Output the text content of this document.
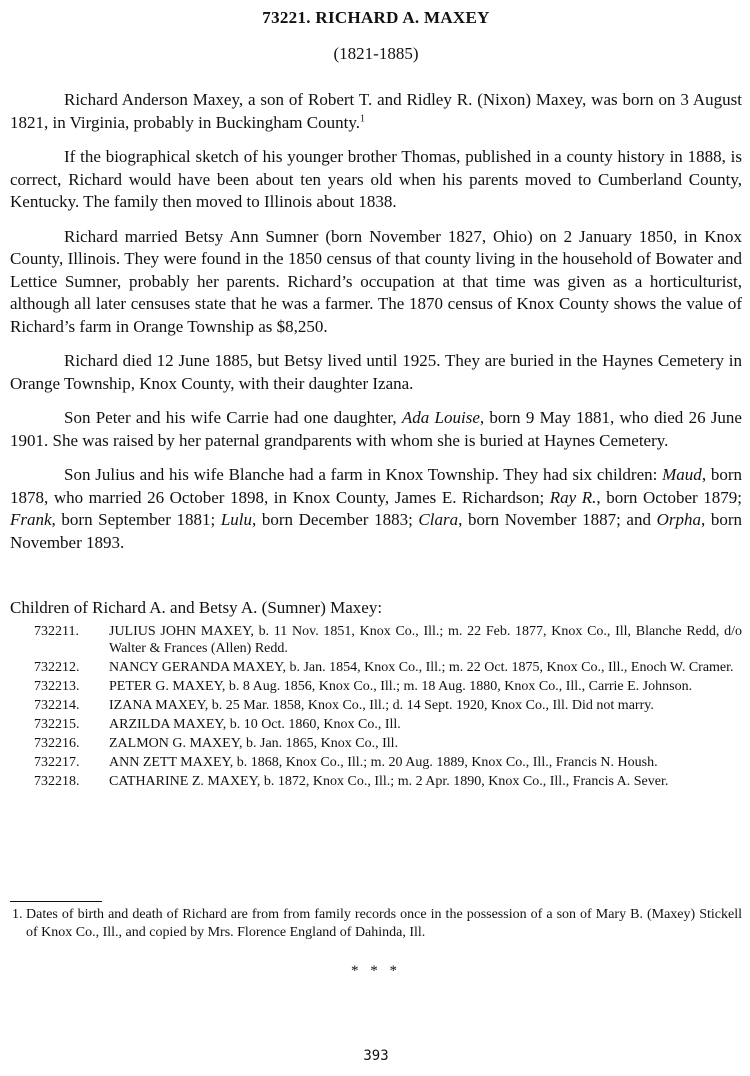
73221. RICHARD A. MAXEY
(1821-1885)

Richard Anderson Maxey, a son of Robert T. and Ridley R. (Nixon) Maxey, was born on 3 August 1821, in Virginia, probably in Buckingham County.$^1$

If the biographical sketch of his younger brother Thomas, published in a county history in 1888, is correct, Richard would have been about ten years old when his parents moved to Cumberland County, Kentucky. The family then moved to Illinois about 1838.

Richard married Betsy Ann Sumner (born November 1827, Ohio) on 2 January 1850, in Knox County, Illinois. They were found in the 1850 census of that county living in the household of Bowater and Lettice Sumner, probably her parents. Richard’s occupation at that time was given as a horticulturist, although all later censuses state that he was a farmer. The 1870 census of Knox County shows the value of Richard’s farm in Orange Township as $8,250.

Richard died 12 June 1885, but Betsy lived until 1925. They are buried in the Haynes Cemetery in Orange Township, Knox County, with their daughter Izana.

Son Peter and his wife Carrie had one daughter, Ada Louise, born 9 May 1881, who died 26 June 1901. She was raised by her paternal grandparents with whom she is buried at Haynes Cemetery.

Son Julius and his wife Blanche had a farm in Knox Township. They had six children: Maud, born 1878, who married 26 October 1898, in Knox County, James E. Richardson; Ray R., born October 1879; Frank, born September 1881; Lulu, born December 1883; Clara, born November 1887; and Orpha, born November 1893.

Children of Richard A. and Betsy A. (Sumner) Maxey:
732211. JULIUS JOHN MAXEY, b. 11 Nov. 1851, Knox Co., Ill.; m. 22 Feb. 1877, Knox Co., Ill, Blanche Redd, d/o Walter & Frances (Allen) Redd.
732212. NANCY GERANDA MAXEY, b. Jan. 1854, Knox Co., Ill.; m. 22 Oct. 1875, Knox Co., Ill., Enoch W. Cramer.
732213. PETER G. MAXEY, b. 8 Aug. 1856, Knox Co., Ill.; m. 18 Aug. 1880, Knox Co., Ill., Carrie E. Johnson.
732214. IZANA MAXEY, b. 25 Mar. 1858, Knox Co., Ill.; d. 14 Sept. 1920, Knox Co., Ill. Did not marry.
732215. ARZILDA MAXEY, b. 10 Oct. 1860, Knox Co., Ill.
732216. ZALMON G. MAXEY, b. Jan. 1865, Knox Co., Ill.
732217. ANN ZETT MAXEY, b. 1868, Knox Co., Ill.; m. 20 Aug. 1889, Knox Co., Ill., Francis N. Housh.
732218. CATHARINE Z. MAXEY, b. 1872, Knox Co., Ill.; m. 2 Apr. 1890, Knox Co., Ill., Francis A. Sever.
1. Dates of birth and death of Richard are from from family records once in the possession of a son of Mary B. (Maxey) Stickell of Knox Co., Ill., and copied by Mrs. Florence England of Dahinda, Ill.
* * *
393
